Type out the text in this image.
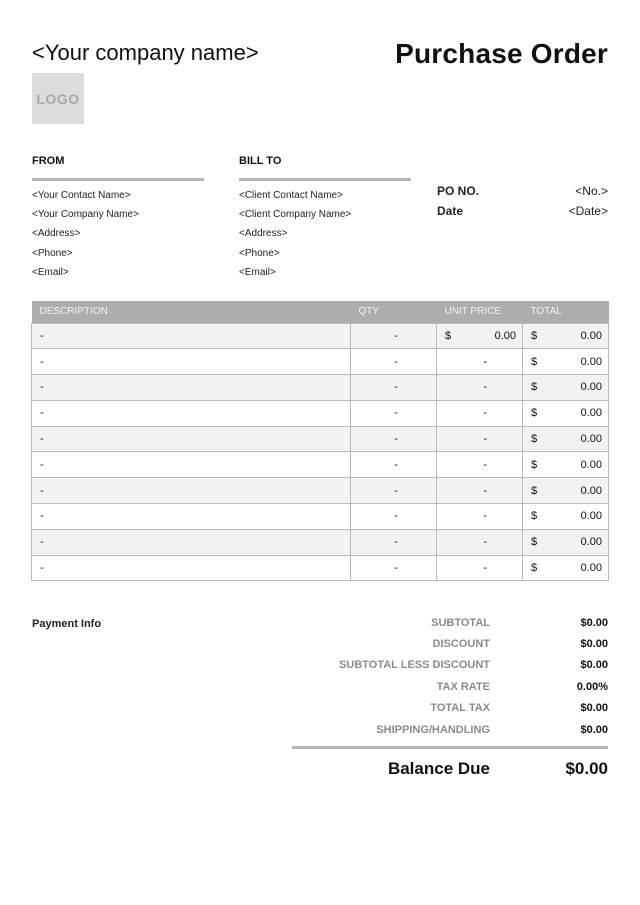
<Your company name>	Purchase Order
LOGO
FROM
<Your Contact Name>
<Your Company Name>
<Address>
<Phone>
<Email>
BILL TO
<Client Contact Name>
<Client Company Name>
<Address>
<Phone>
<Email>
PO NO.	<No.>
Date	<Date>
DESCRIPTION	QTY	UNIT PRICE	TOTAL
-	-	$ 0.00	$ 0.00

-	-	-	$ 0.00

-	-	-	$ 0.00

-	-	-	$ 0.00

-	-	-	$ 0.00

-	-	-	$ 0.00

-	-	-	$ 0.00

-	-	-	$ 0.00

-	-	-	$ 0.00

-	-	-	$ 0.00
Payment Info	SUBTOTAL	$0.00
DISCOUNT	$0.00
SUBTOTAL LESS DISCOUNT	$0.00
TAX RATE	0.00%
TOTAL TAX	$0.00
SHIPPING/HANDLING	$0.00
Balance Due	$0.00
